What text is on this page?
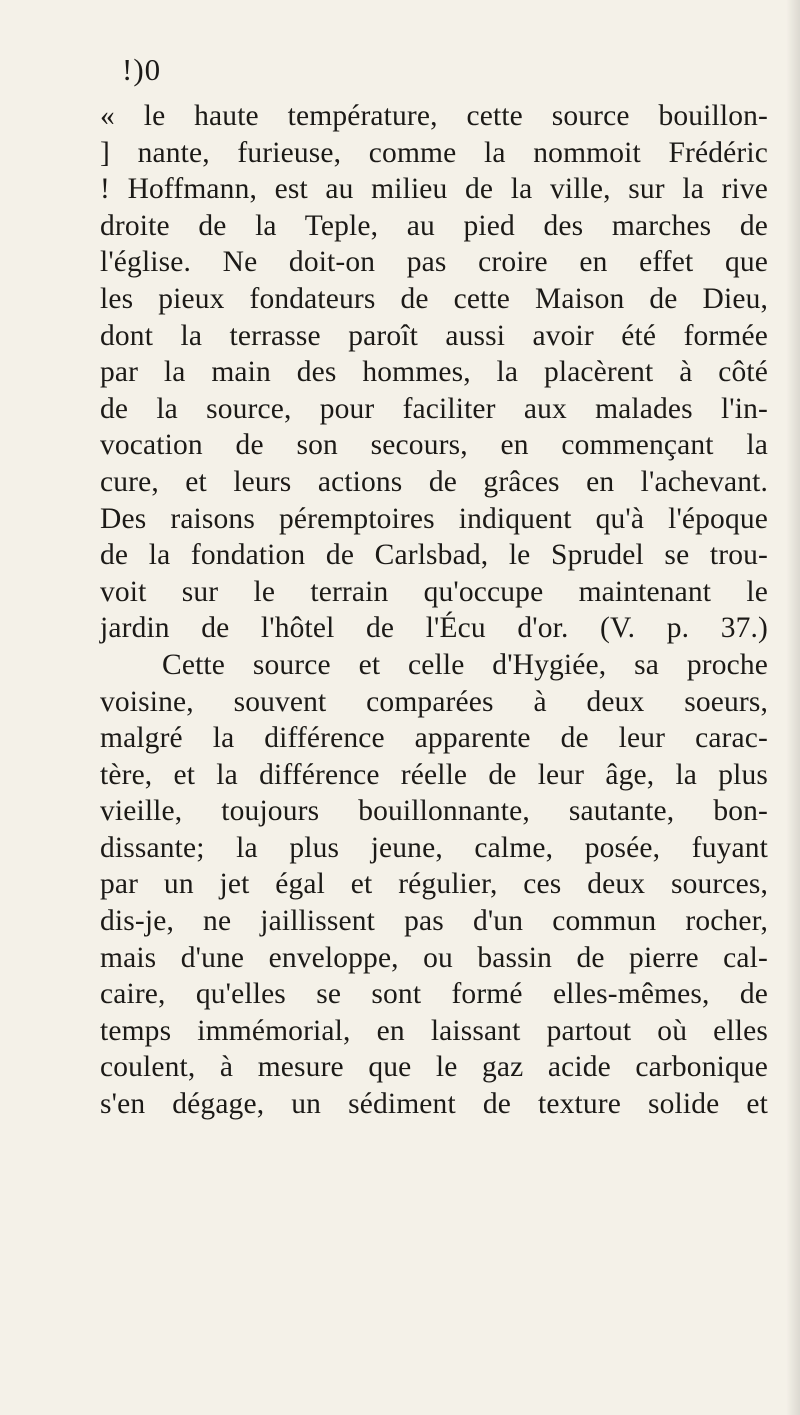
!)0
« le haute température, cette source bouillon-
] nante, furieuse, comme la nommoit Frédéric
! Hoffmann, est au milieu de la ville, sur la rive
droite de la Teple, au pied des marches de
l'église. Ne doit-on pas croire en effet que
les pieux fondateurs de cette Maison de Dieu,
dont la terrasse paroît aussi avoir été formée
par la main des hommes, la placèrent à côté
de la source, pour faciliter aux malades l'in-
vocation de son secours, en commençant la
cure, et leurs actions de grâces en l'achevant.
Des raisons péremptoires indiquent qu'à l'époque
de la fondation de Carlsbad, le Sprudel se trou-
voit sur le terrain qu'occupe maintenant le
jardin de l'hôtel de l'Écu d'or. (V. p. 37.)
Cette source et celle d'Hygiée, sa proche
voisine, souvent comparées à deux soeurs,
malgré la différence apparente de leur carac-
tère, et la différence réelle de leur âge, la plus
vieille, toujours bouillonnante, sautante, bon-
dissante; la plus jeune, calme, posée, fuyant
par un jet égal et régulier, ces deux sources,
dis-je, ne jaillissent pas d'un commun rocher,
mais d'une enveloppe, ou bassin de pierre cal-
caire, qu'elles se sont formé elles-mêmes, de
temps immémorial, en laissant partout où elles
coulent, à mesure que le gaz acide carbonique
s'en dégage, un sédiment de texture solide et
